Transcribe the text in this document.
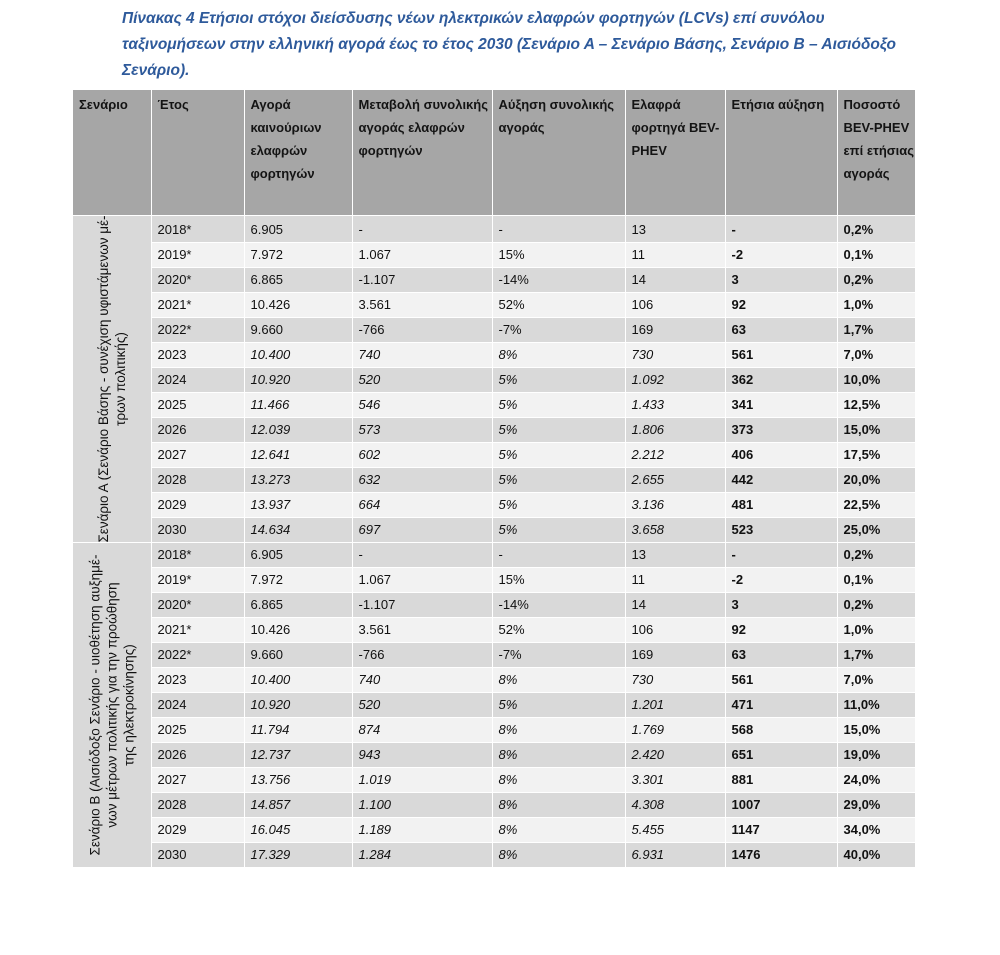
Πίνακας 4 Ετήσιοι στόχοι διείσδυσης νέων ηλεκτρικών ελαφρών φορτηγών (LCVs) επί συνόλου ταξινομήσεων στην ελληνική αγορά έως το έτος 2030 (Σενάριο Α – Σενάριο Βάσης, Σενάριο Β – Αισιόδοξο Σενάριο).

Σενάριο	Έτος	Αγορά καινούριων ελαφρών φορτηγών	Μεταβολή συνολικής αγοράς ελαφρών φορτηγών	Αύξηση συνολικής αγοράς	Ελαφρά φορτηγά BEV-PHEV	Ετήσια αύξηση	Ποσοστό BEV-PHEV επί ετήσιας αγοράς

Σενάριο Α (Σενάριο Βάσης - συνέχιση υφιστάμενων μέ- τρων πολιτικής)	2018*	6.905	-	-	13	-	0,2%
	2019*	7.972	1.067	15%	11	-2	0,1%
	2020*	6.865	-1.107	-14%	14	3	0,2%
	2021*	10.426	3.561	52%	106	92	1,0%
	2022*	9.660	-766	-7%	169	63	1,7%
	2023	10.400	740	8%	730	561	7,0%
	2024	10.920	520	5%	1.092	362	10,0%
	2025	11.466	546	5%	1.433	341	12,5%
	2026	12.039	573	5%	1.806	373	15,0%
	2027	12.641	602	5%	2.212	406	17,5%
	2028	13.273	632	5%	2.655	442	20,0%
	2029	13.937	664	5%	3.136	481	22,5%
	2030	14.634	697	5%	3.658	523	25,0%

Σενάριο Β (Αισιόδοξο Σενάριο - υιοθέτηση αυξημέ- νων μέτρων πολιτικής για την προώθηση της ηλεκτροκίνησης)	2018*	6.905	-	-	13	-	0,2%
	2019*	7.972	1.067	15%	11	-2	0,1%
	2020*	6.865	-1.107	-14%	14	3	0,2%
	2021*	10.426	3.561	52%	106	92	1,0%
	2022*	9.660	-766	-7%	169	63	1,7%
	2023	10.400	740	8%	730	561	7,0%
	2024	10.920	520	5%	1.201	471	11,0%
	2025	11.794	874	8%	1.769	568	15,0%
	2026	12.737	943	8%	2.420	651	19,0%
	2027	13.756	1.019	8%	3.301	881	24,0%
	2028	14.857	1.100	8%	4.308	1007	29,0%
	2029	16.045	1.189	8%	5.455	1147	34,0%
	2030	17.329	1.284	8%	6.931	1476	40,0%
